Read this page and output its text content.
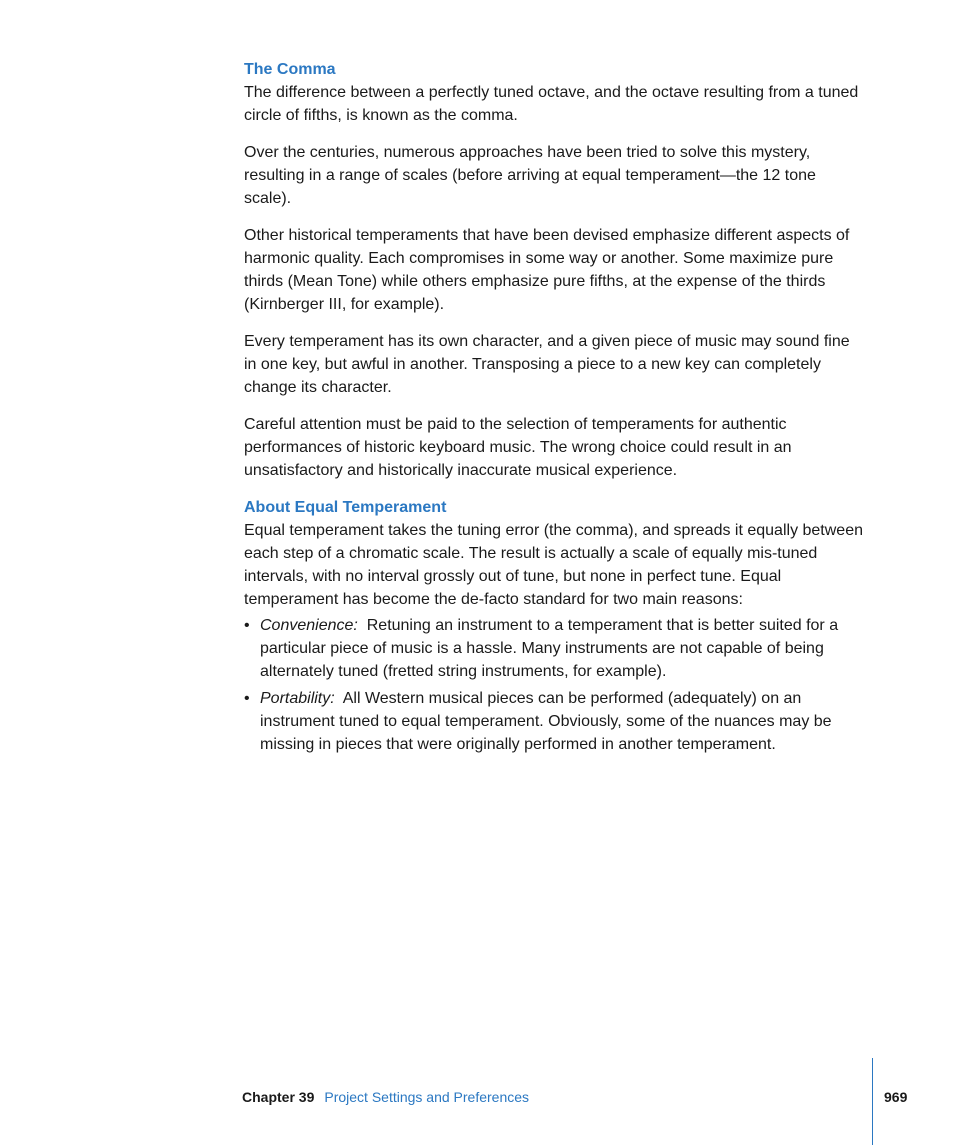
The Comma

The difference between a perfectly tuned octave, and the octave resulting from a tuned circle of fifths, is known as the comma.

Over the centuries, numerous approaches have been tried to solve this mystery, resulting in a range of scales (before arriving at equal temperament—the 12 tone scale).

Other historical temperaments that have been devised emphasize different aspects of harmonic quality. Each compromises in some way or another. Some maximize pure thirds (Mean Tone) while others emphasize pure fifths, at the expense of the thirds (Kirnberger III, for example).

Every temperament has its own character, and a given piece of music may sound fine in one key, but awful in another. Transposing a piece to a new key can completely change its character.

Careful attention must be paid to the selection of temperaments for authentic performances of historic keyboard music. The wrong choice could result in an unsatisfactory and historically inaccurate musical experience.

About Equal Temperament

Equal temperament takes the tuning error (the comma), and spreads it equally between each step of a chromatic scale. The result is actually a scale of equally mis-tuned intervals, with no interval grossly out of tune, but none in perfect tune. Equal temperament has become the de-facto standard for two main reasons:

• Convenience: Retuning an instrument to a temperament that is better suited for a particular piece of music is a hassle. Many instruments are not capable of being alternately tuned (fretted string instruments, for example).
• Portability: All Western musical pieces can be performed (adequately) on an instrument tuned to equal temperament. Obviously, some of the nuances may be missing in pieces that were originally performed in another temperament.
Chapter 39 Project Settings and Preferences	969
